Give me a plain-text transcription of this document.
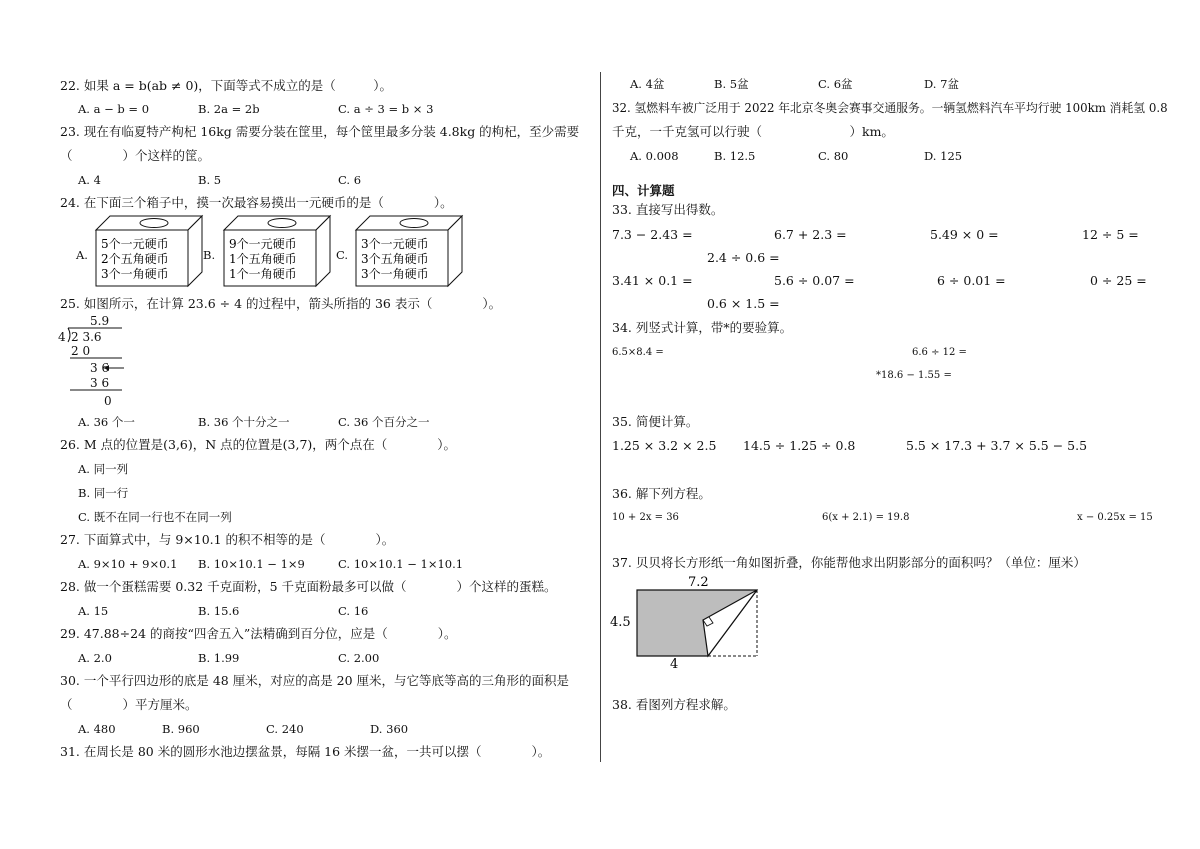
22. 如果 a = b(ab ≠ 0)，下面等式不成立的是（　　　）。
A. a − b = 0	B. 2a = 2b	C. a ÷ 3 = b × 3
23. 现在有临夏特产枸杞 16kg 需要分装在筐里，每个筐里最多分装 4.8kg 的枸杞，至少需要
（　　　　）个这样的筐。
A. 4	B. 5	C. 6
24. 在下面三个箱子中，摸一次最容易摸出一元硬币的是（　　　　）。
A.	B.	C.
5个一元硬币
2个五角硬币
3个一角硬币
9个一元硬币
1个五角硬币
1个一角硬币
3个一元硬币
3个五角硬币
3个一角硬币
25. 如图所示，在计算 23.6 ÷ 4 的过程中，箭头所指的 36 表示（　　　　）。
5.9
4 2 3.6
2 0
3 6
3 6
0
A. 36 个一	B. 36 个十分之一	C. 36 个百分之一
26. M 点的位置是(3,6)，N 点的位置是(3,7)，两个点在（　　　　）。
A. 同一列
B. 同一行
C. 既不在同一行也不在同一列
27. 下面算式中，与 9×10.1 的积不相等的是（　　　　）。
A. 9×10 + 9×0.1 B. 10×10.1 − 1×9	C. 10×10.1 − 1×10.1
28. 做一个蛋糕需要 0.32 千克面粉，5 千克面粉最多可以做（　　　　）个这样的蛋糕。
A. 15	B. 15.6	C. 16
29. 47.88÷24 的商按“四舍五入”法精确到百分位，应是（　　　　）。
A. 2.0	B. 1.99	C. 2.00
30. 一个平行四边形的底是 48 厘米，对应的高是 20 厘米，与它等底等高的三角形的面积是
（　　　　）平方厘米。
A. 480	B. 960	C. 240	D. 360
31. 在周长是 80 米的圆形水池边摆盆景，每隔 16 米摆一盆，一共可以摆（　　　　）。
A. 4盆	B. 5盆	C. 6盆	D. 7盆
32. 氢燃料车被广泛用于 2022 年北京冬奥会赛事交通服务。一辆氢燃料汽车平均行驶 100km 消耗氢 0.8
千克，一千克氢可以行驶（　　　　　　　）km。
A. 0.008	B. 12.5	C. 80	D. 125
四、计算题
33. 直接写出得数。
7.3 − 2.43 =	6.7 + 2.3 =	5.49 × 0 =	12 ÷ 5 =
2.4 ÷ 0.6 =
3.41 × 0.1 =	5.6 ÷ 0.07 =	6 ÷ 0.01 =	0 ÷ 25 =
0.6 × 1.5 =
34. 列竖式计算，带*的要验算。
6.5×8.4 =	6.6 ÷ 12 =
*18.6 − 1.55 =
35. 简便计算。
1.25 × 3.2 × 2.5 14.5 ÷ 1.25 ÷ 0.8	5.5 × 17.3 + 3.7 × 5.5 − 5.5
36. 解下列方程。
10 + 2x = 36	6(x + 2.1) = 19.8	x − 0.25x = 15
37. 贝贝将长方形纸一角如图折叠，你能帮他求出阴影部分的面积吗？（单位：厘米）
7.2
4.5
4
38. 看图列方程求解。
